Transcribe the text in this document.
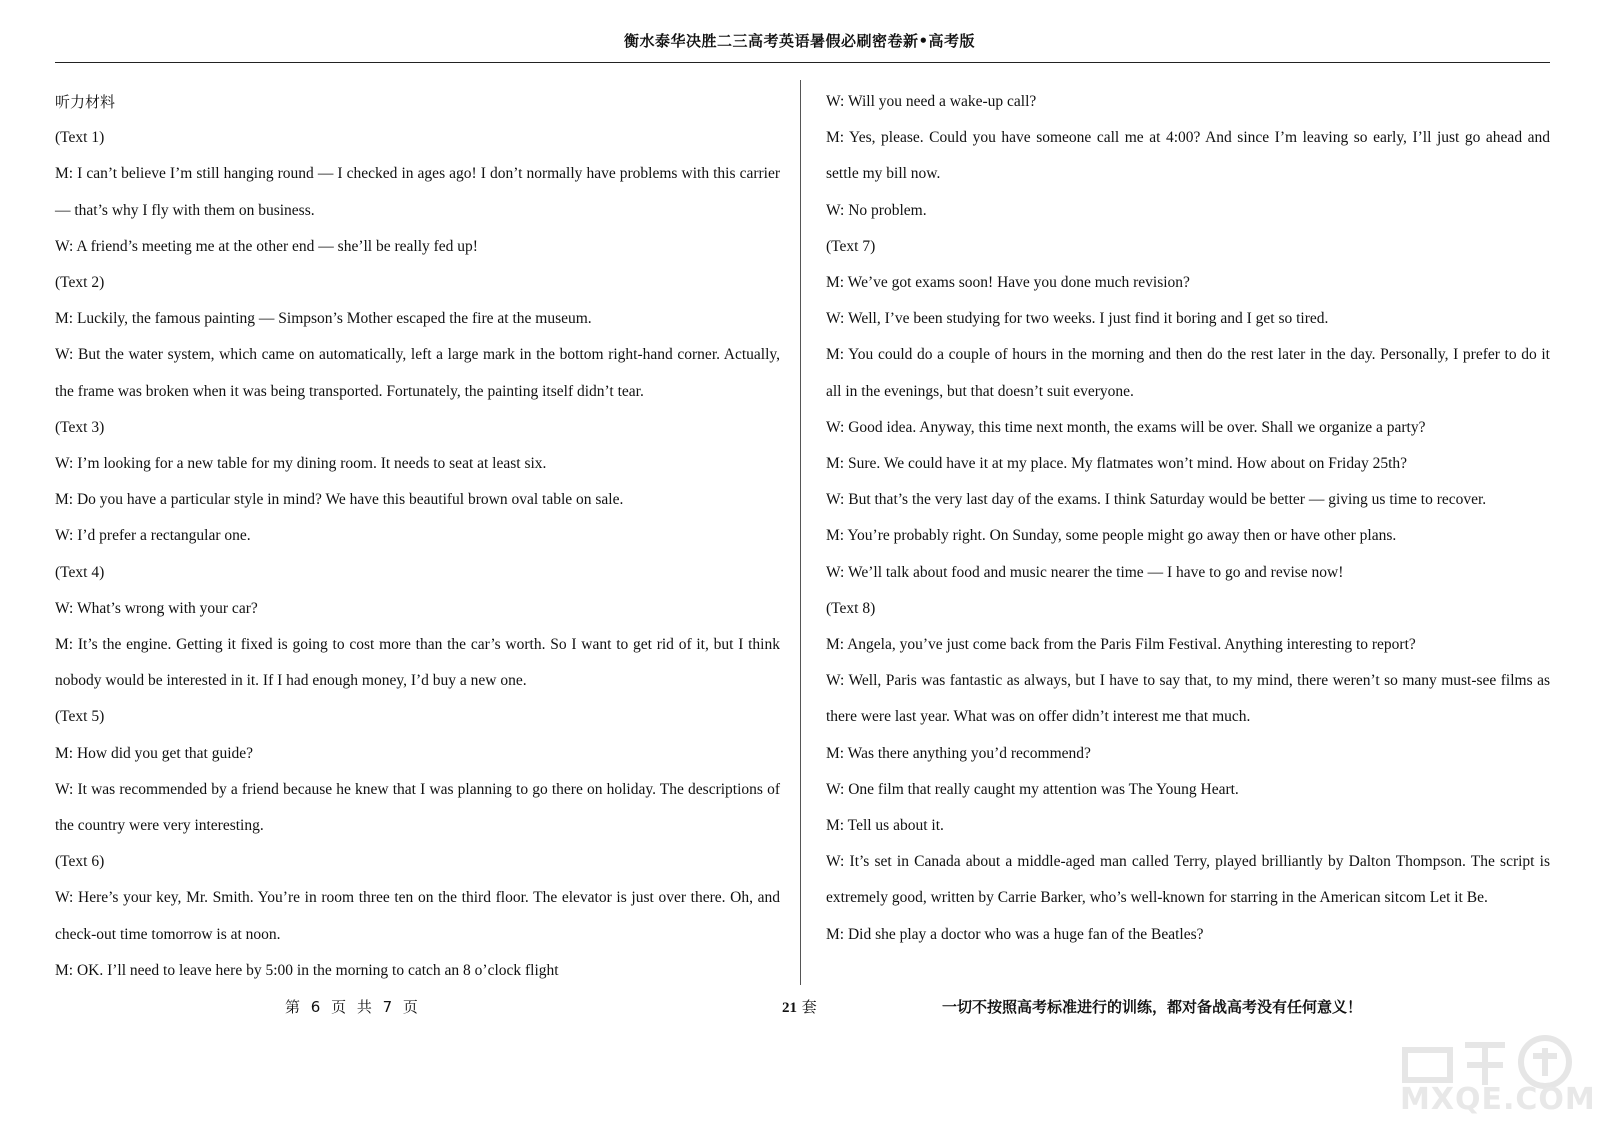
衡水泰华决胜二三高考英语暑假必刷密卷新•高考版

听力材料

(Text 1)

M: I can’t believe I’m still hanging round — I checked in ages ago! I don’t normally have problems with this carrier — that’s why I fly with them on business.

W: A friend’s meeting me at the other end — she’ll be really fed up!

(Text 2)

M: Luckily, the famous painting — Simpson’s Mother escaped the fire at the museum.

W: But the water system, which came on automatically, left a large mark in the bottom right-hand corner. Actually, the frame was broken when it was being transported. Fortunately, the painting itself didn’t tear.

(Text 3)

W: I’m looking for a new table for my dining room. It needs to seat at least six.

M: Do you have a particular style in mind? We have this beautiful brown oval table on sale.

W: I’d prefer a rectangular one.

(Text 4)

W: What’s wrong with your car?

M: It’s the engine. Getting it fixed is going to cost more than the car’s worth. So I want to get rid of it, but I think nobody would be interested in it. If I had enough money, I’d buy a new one.

(Text 5)

M: How did you get that guide?

W: It was recommended by a friend because he knew that I was planning to go there on holiday. The descriptions of the country were very interesting.

(Text 6)

W: Here’s your key, Mr. Smith. You’re in room three ten on the third floor. The elevator is just over there. Oh, and check-out time tomorrow is at noon.

M: OK. I’ll need to leave here by 5:00 in the morning to catch an 8 o’clock flight

W: Will you need a wake-up call?

M: Yes, please. Could you have someone call me at 4:00? And since I’m leaving so early, I’ll just go ahead and settle my bill now.

W: No problem.

(Text 7)

M: We’ve got exams soon! Have you done much revision?

W: Well, I’ve been studying for two weeks. I just find it boring and I get so tired.

M: You could do a couple of hours in the morning and then do the rest later in the day. Personally, I prefer to do it all in the evenings, but that doesn’t suit everyone.

W: Good idea. Anyway, this time next month, the exams will be over. Shall we organize a party?

M: Sure. We could have it at my place. My flatmates won’t mind. How about on Friday 25th?

W: But that’s the very last day of the exams. I think Saturday would be better — giving us time to recover.

M: You’re probably right. On Sunday, some people might go away then or have other plans.

W: We’ll talk about food and music nearer the time — I have to go and revise now!

(Text 8)

M: Angela, you’ve just come back from the Paris Film Festival. Anything interesting to report?

W: Well, Paris was fantastic as always, but I have to say that, to my mind, there weren’t so many must-see films as there were last year. What was on offer didn’t interest me that much.

M: Was there anything you’d recommend?

W: One film that really caught my attention was The Young Heart.

M: Tell us about it.

W: It’s set in Canada about a middle-aged man called Terry, played brilliantly by Dalton Thompson. The script is extremely good, written by Carrie Barker, who’s well-known for starring in the American sitcom Let it Be.

M: Did she play a doctor who was a huge fan of the Beatles?

第 6 页 共 7 页	21 套	一切不按照高考标准进行的训练，都对备战高考没有任何意义！
MXQE.COM
